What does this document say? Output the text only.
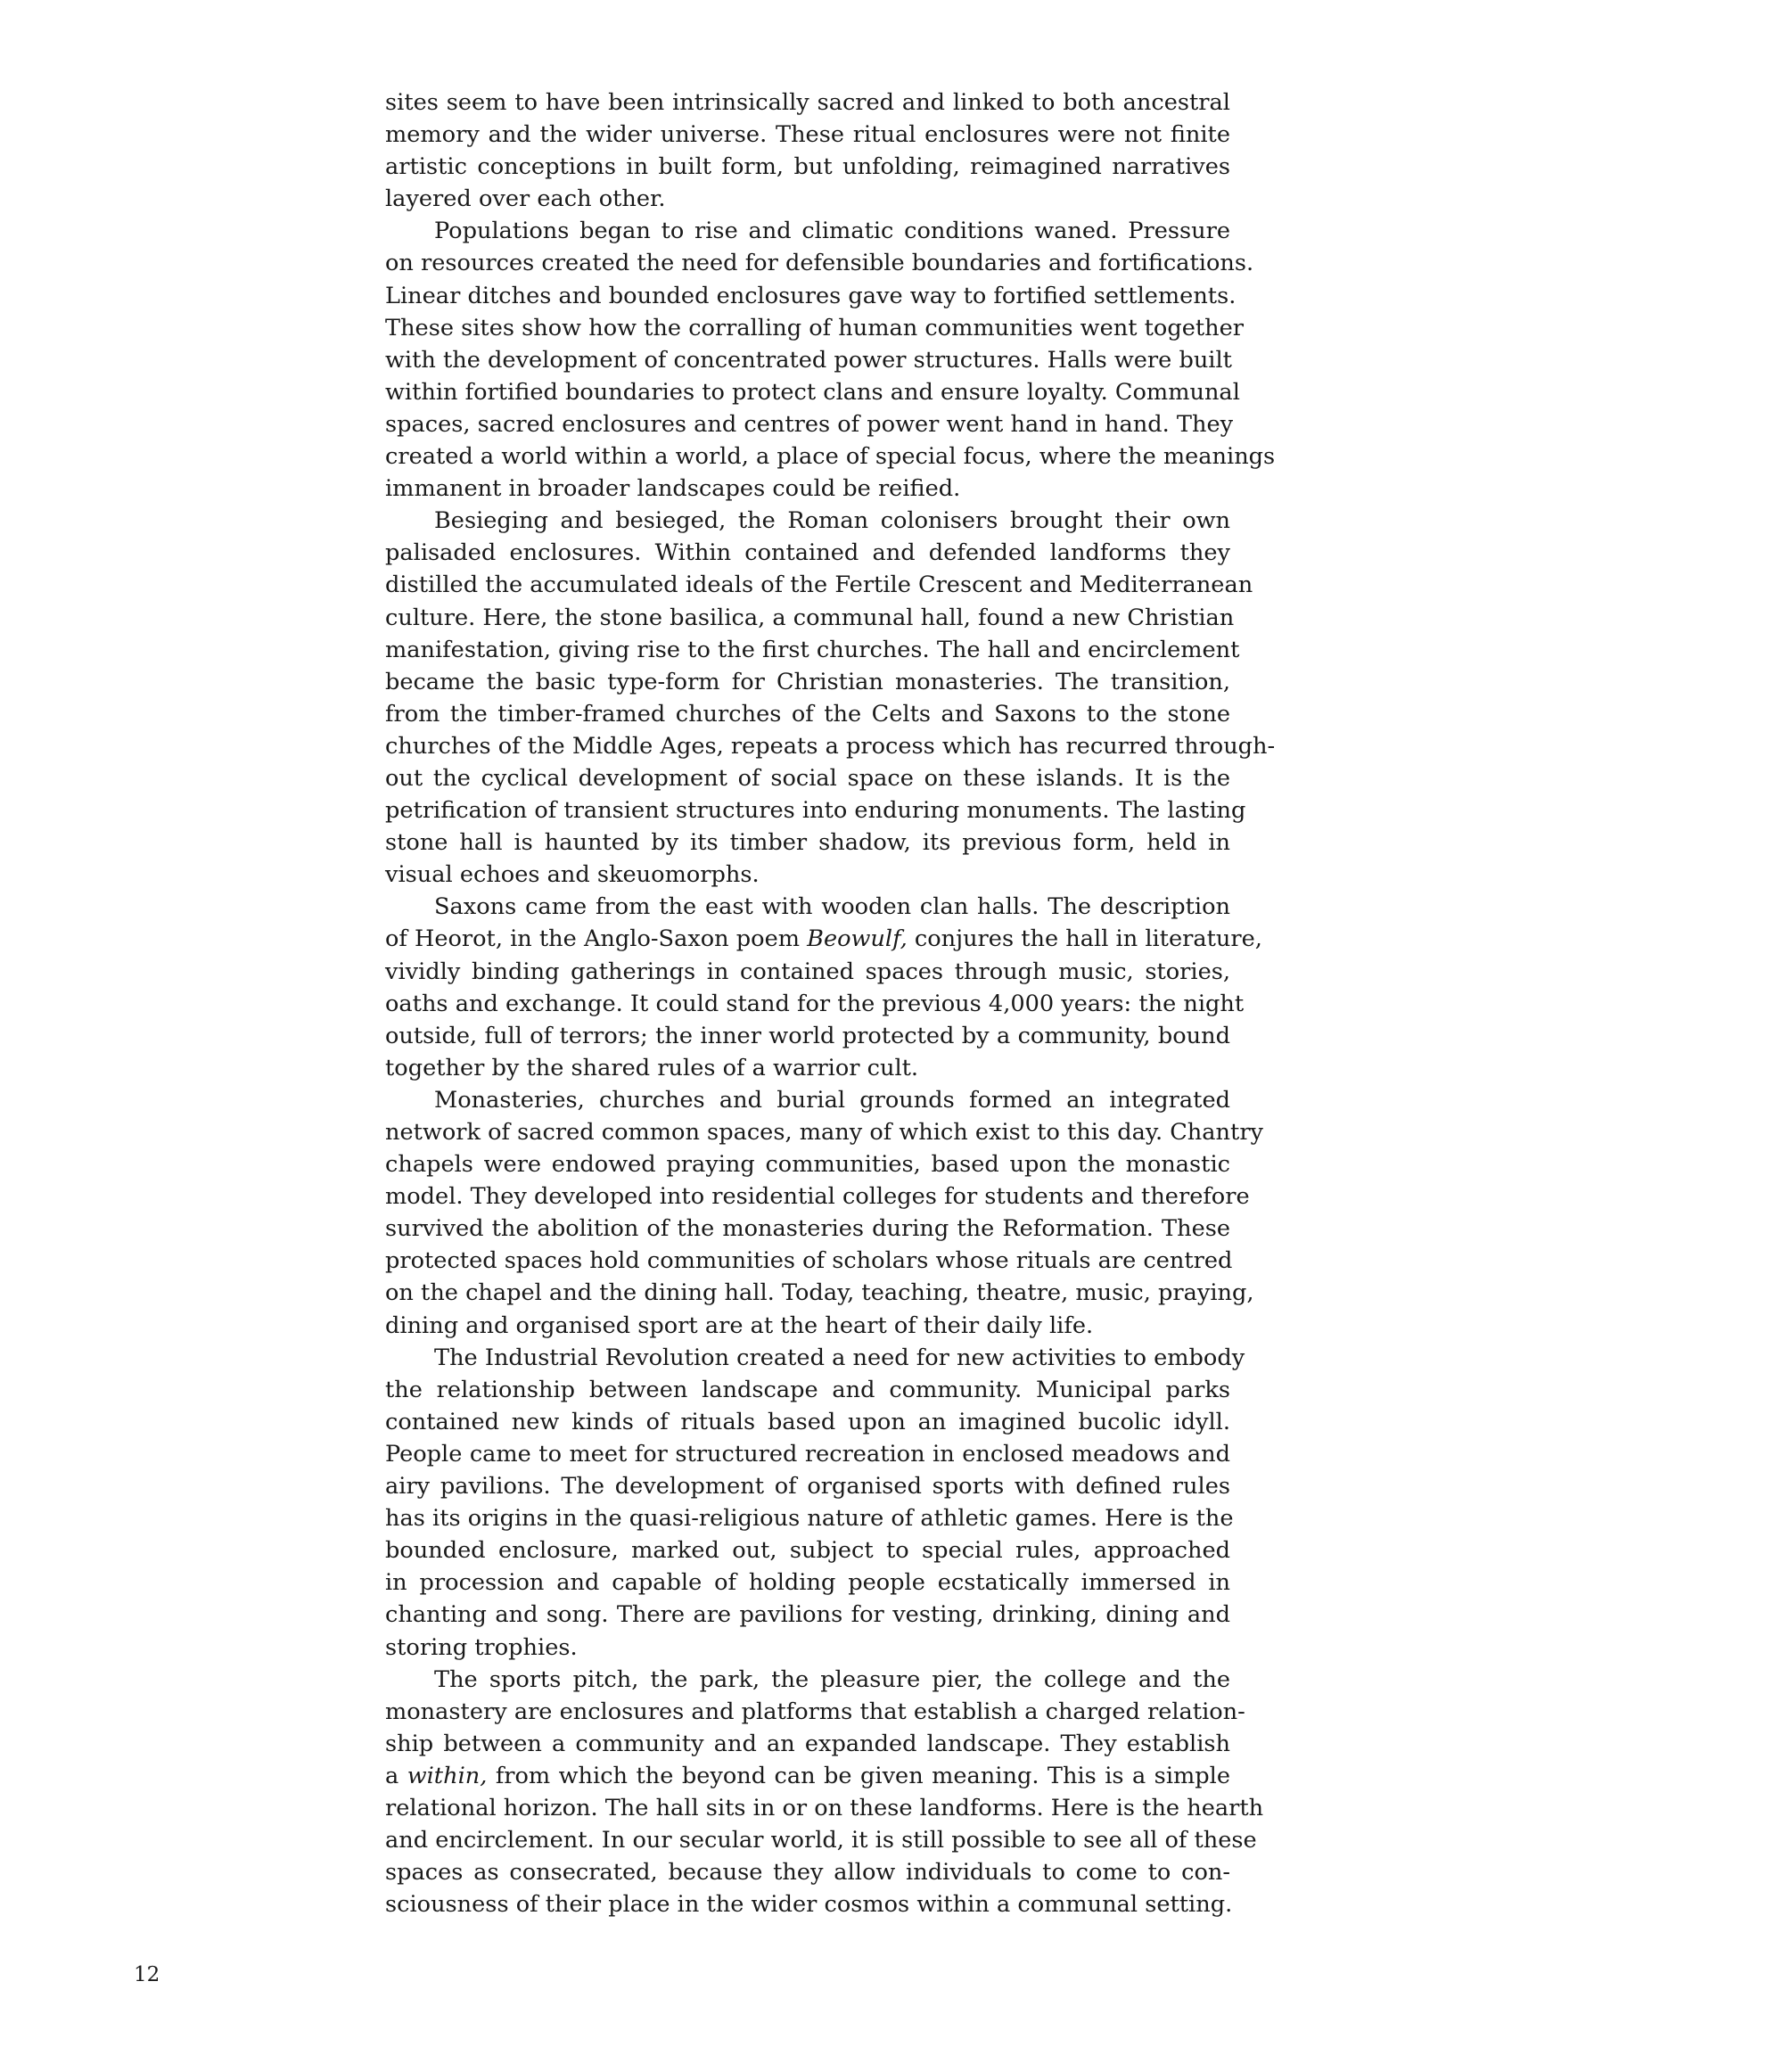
sites seem to have been intrinsically sacred and linked to both ancestral
memory and the wider universe. These ritual enclosures were not finite
artistic conceptions in built form, but unfolding, reimagined narratives
layered over each other.
Populations began to rise and climatic conditions waned. Pressure
on resources created the need for defensible boundaries and fortifications.
Linear ditches and bounded enclosures gave way to fortified settlements.
These sites show how the corralling of human communities went together
with the development of concentrated power structures. Halls were built
within fortified boundaries to protect clans and ensure loyalty. Communal
spaces, sacred enclosures and centres of power went hand in hand. They
created a world within a world, a place of special focus, where the meanings
immanent in broader landscapes could be reified.
Besieging and besieged, the Roman colonisers brought their own
palisaded enclosures. Within contained and defended landforms they
distilled the accumulated ideals of the Fertile Crescent and Mediterranean
culture. Here, the stone basilica, a communal hall, found a new Christian
manifestation, giving rise to the first churches. The hall and encirclement
became the basic type-form for Christian monasteries. The transition,
from the timber-framed churches of the Celts and Saxons to the stone
churches of the Middle Ages, repeats a process which has recurred through-
out the cyclical development of social space on these islands. It is the
petrification of transient structures into enduring monuments. The lasting
stone hall is haunted by its timber shadow, its previous form, held in
visual echoes and skeuomorphs.
Saxons came from the east with wooden clan halls. The description
of Heorot, in the Anglo-Saxon poem Beowulf, conjures the hall in literature,
vividly binding gatherings in contained spaces through music, stories,
oaths and exchange. It could stand for the previous 4,000 years: the night
outside, full of terrors; the inner world protected by a community, bound
together by the shared rules of a warrior cult.
Monasteries, churches and burial grounds formed an integrated
network of sacred common spaces, many of which exist to this day. Chantry
chapels were endowed praying communities, based upon the monastic
model. They developed into residential colleges for students and therefore
survived the abolition of the monasteries during the Reformation. These
protected spaces hold communities of scholars whose rituals are centred
on the chapel and the dining hall. Today, teaching, theatre, music, praying,
dining and organised sport are at the heart of their daily life.
The Industrial Revolution created a need for new activities to embody
the relationship between landscape and community. Municipal parks
contained new kinds of rituals based upon an imagined bucolic idyll.
People came to meet for structured recreation in enclosed meadows and
airy pavilions. The development of organised sports with defined rules
has its origins in the quasi-religious nature of athletic games. Here is the
bounded enclosure, marked out, subject to special rules, approached
in procession and capable of holding people ecstatically immersed in
chanting and song. There are pavilions for vesting, drinking, dining and
storing trophies.
The sports pitch, the park, the pleasure pier, the college and the
monastery are enclosures and platforms that establish a charged relation-
ship between a community and an expanded landscape. They establish
a within, from which the beyond can be given meaning. This is a simple
relational horizon. The hall sits in or on these landforms. Here is the hearth
and encirclement. In our secular world, it is still possible to see all of these
spaces as consecrated, because they allow individuals to come to con-
sciousness of their place in the wider cosmos within a communal setting.
12
